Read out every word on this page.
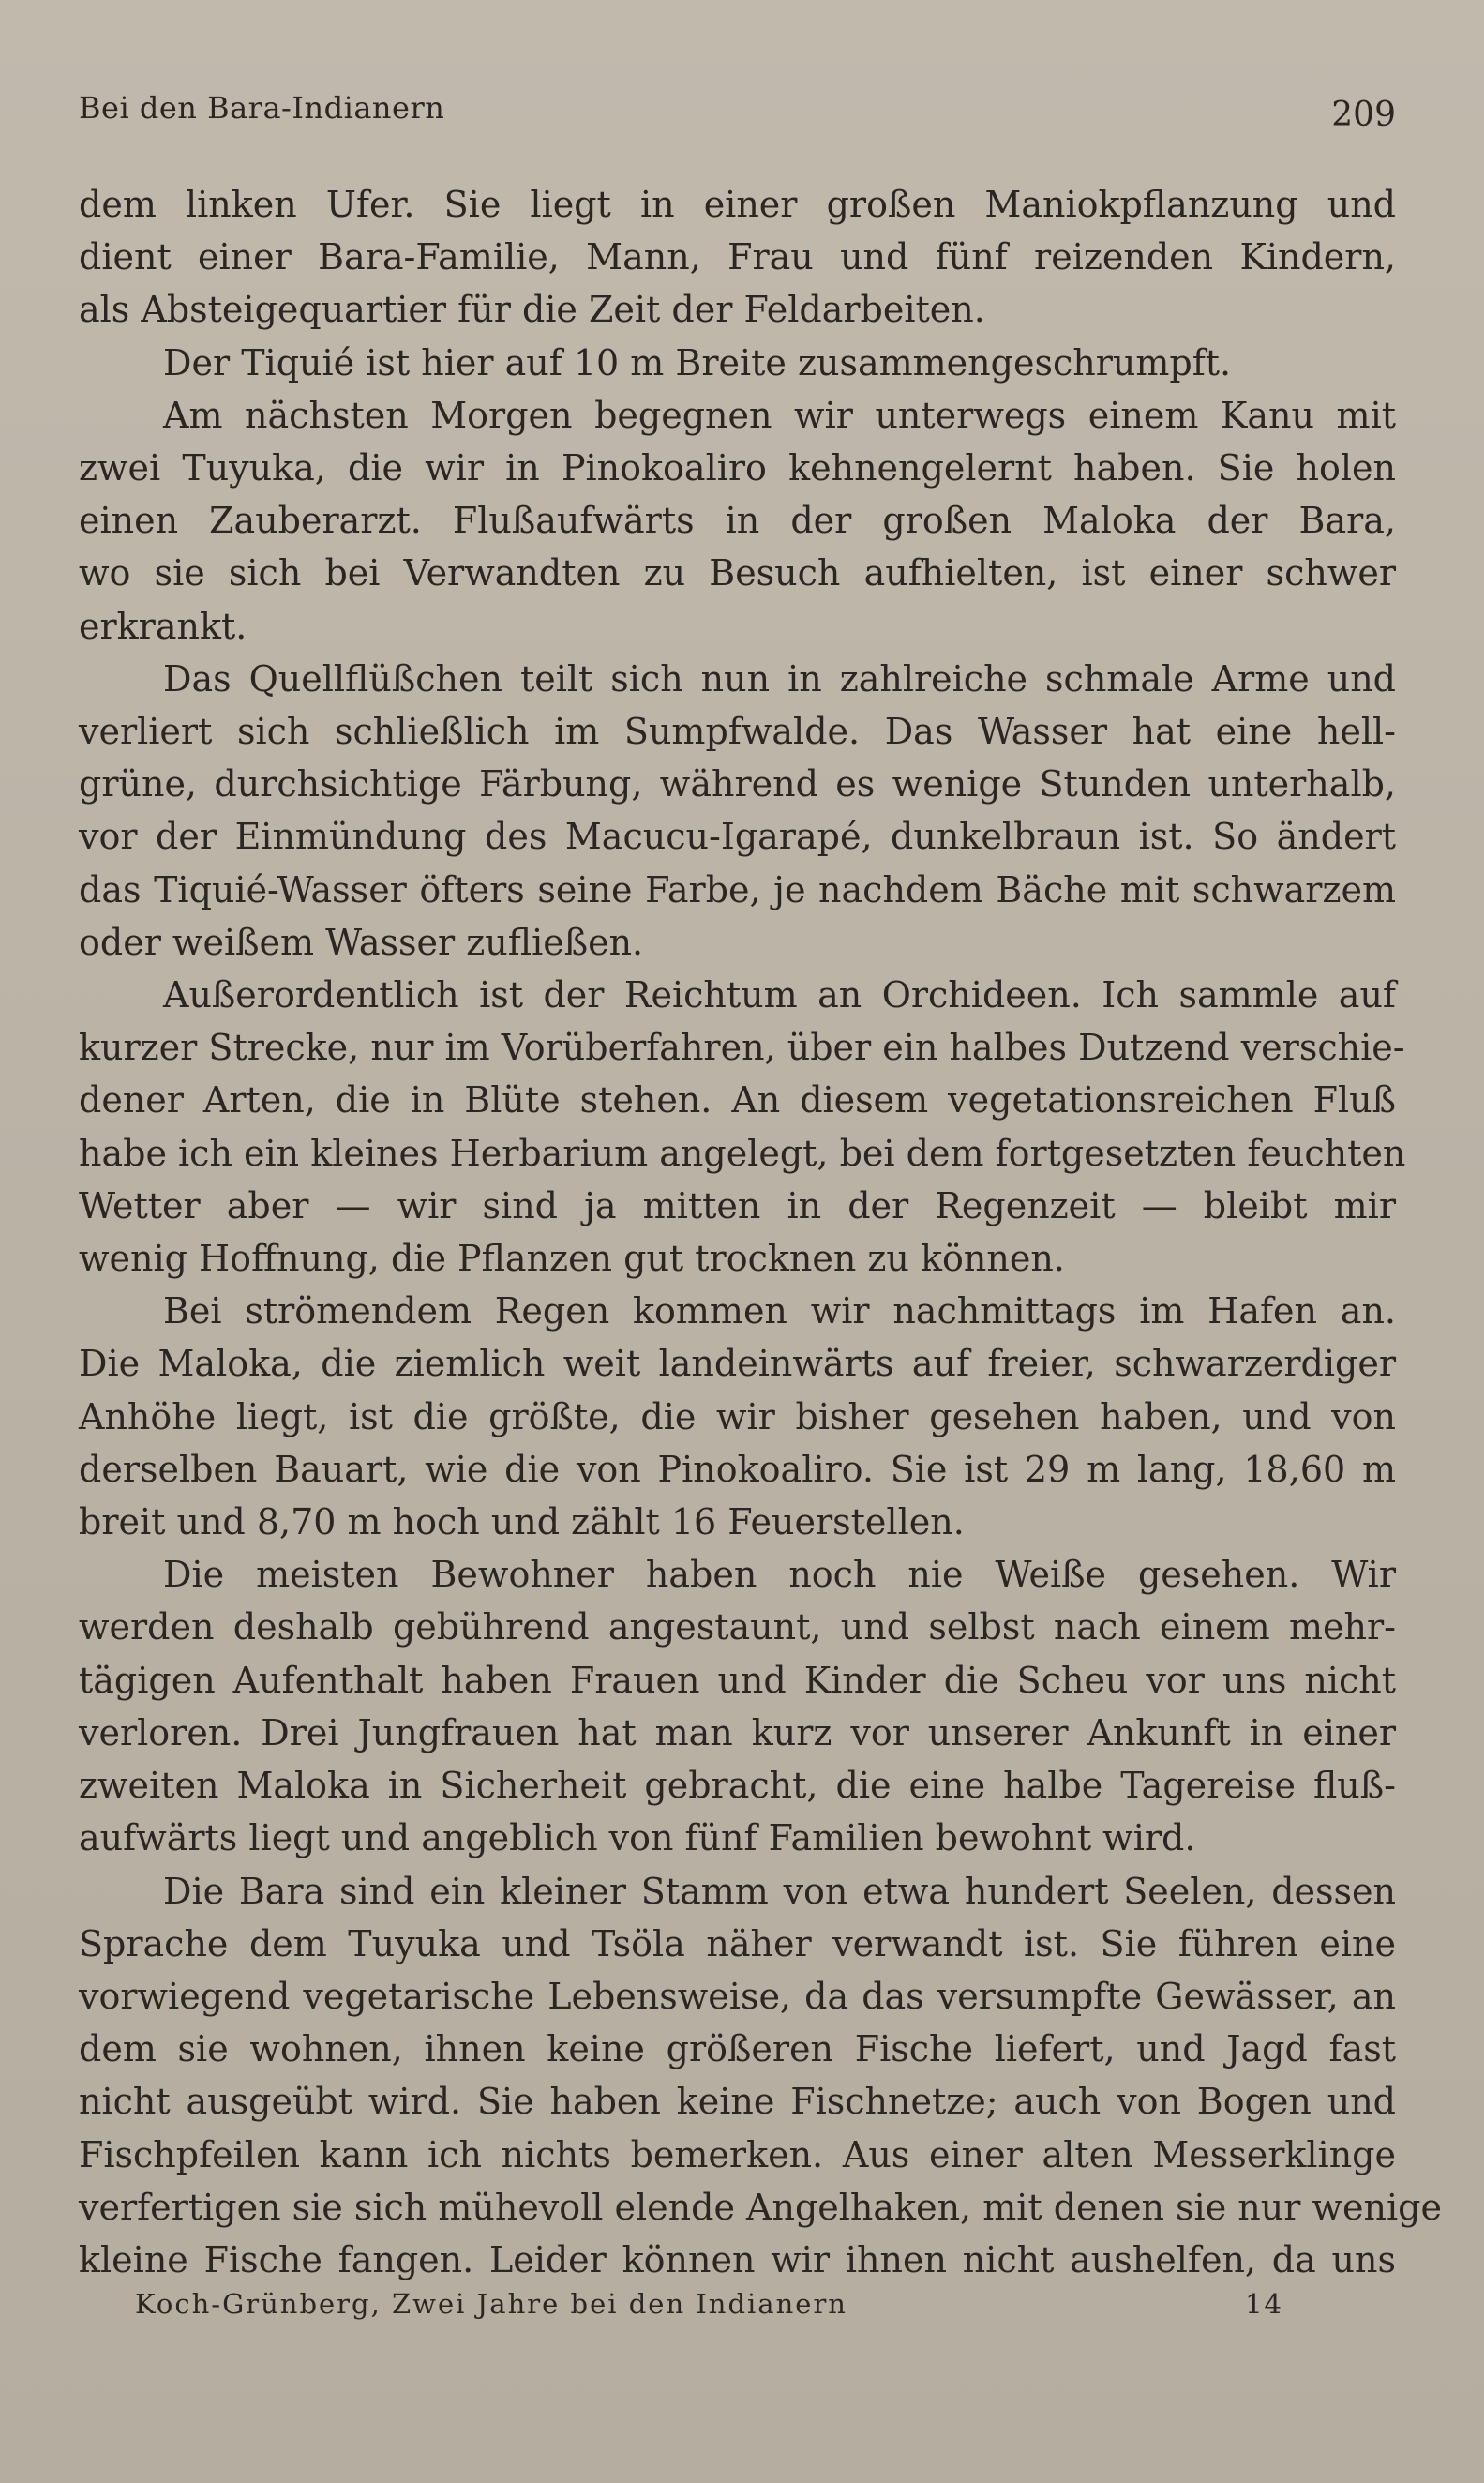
Bei den Bara-Indianern	209

dem linken Ufer. Sie liegt in einer großen Maniokpflanzung und
dient einer Bara-Familie, Mann, Frau und fünf reizenden Kindern,
als Absteigequartier für die Zeit der Feldarbeiten.

Der Tiquié ist hier auf 10 m Breite zusammengeschrumpft.

Am nächsten Morgen begegnen wir unterwegs einem Kanu mit
zwei Tuyuka, die wir in Pinokoaliro kehnengelernt haben. Sie holen
einen Zauberarzt. Flußaufwärts in der großen Maloka der Bara,
wo sie sich bei Verwandten zu Besuch aufhielten, ist einer schwer
erkrankt.

Das Quellflüßchen teilt sich nun in zahlreiche schmale Arme und
verliert sich schließlich im Sumpfwalde. Das Wasser hat eine hell-
grüne, durchsichtige Färbung, während es wenige Stunden unterhalb,
vor der Einmündung des Macucu-Igarapé, dunkelbraun ist. So ändert
das Tiquié-Wasser öfters seine Farbe, je nachdem Bäche mit schwarzem
oder weißem Wasser zufließen.

Außerordentlich ist der Reichtum an Orchideen. Ich sammle auf
kurzer Strecke, nur im Vorüberfahren, über ein halbes Dutzend verschie-
dener Arten, die in Blüte stehen. An diesem vegetationsreichen Fluß
habe ich ein kleines Herbarium angelegt, bei dem fortgesetzten feuchten
Wetter aber — wir sind ja mitten in der Regenzeit — bleibt mir
wenig Hoffnung, die Pflanzen gut trocknen zu können.

Bei strömendem Regen kommen wir nachmittags im Hafen an.
Die Maloka, die ziemlich weit landeinwärts auf freier, schwarzerdiger
Anhöhe liegt, ist die größte, die wir bisher gesehen haben, und von
derselben Bauart, wie die von Pinokoaliro. Sie ist 29 m lang, 18,60 m
breit und 8,70 m hoch und zählt 16 Feuerstellen.

Die meisten Bewohner haben noch nie Weiße gesehen. Wir
werden deshalb gebührend angestaunt, und selbst nach einem mehr-
tägigen Aufenthalt haben Frauen und Kinder die Scheu vor uns nicht
verloren. Drei Jungfrauen hat man kurz vor unserer Ankunft in einer
zweiten Maloka in Sicherheit gebracht, die eine halbe Tagereise fluß-
aufwärts liegt und angeblich von fünf Familien bewohnt wird.

Die Bara sind ein kleiner Stamm von etwa hundert Seelen, dessen
Sprache dem Tuyuka und Tsöla näher verwandt ist. Sie führen eine
vorwiegend vegetarische Lebensweise, da das versumpfte Gewässer, an
dem sie wohnen, ihnen keine größeren Fische liefert, und Jagd fast
nicht ausgeübt wird. Sie haben keine Fischnetze; auch von Bogen und
Fischpfeilen kann ich nichts bemerken. Aus einer alten Messerklinge
verfertigen sie sich mühevoll elende Angelhaken, mit denen sie nur wenige
kleine Fische fangen. Leider können wir ihnen nicht aushelfen, da uns

Koch-Grünberg, Zwei Jahre bei den Indianern	14
